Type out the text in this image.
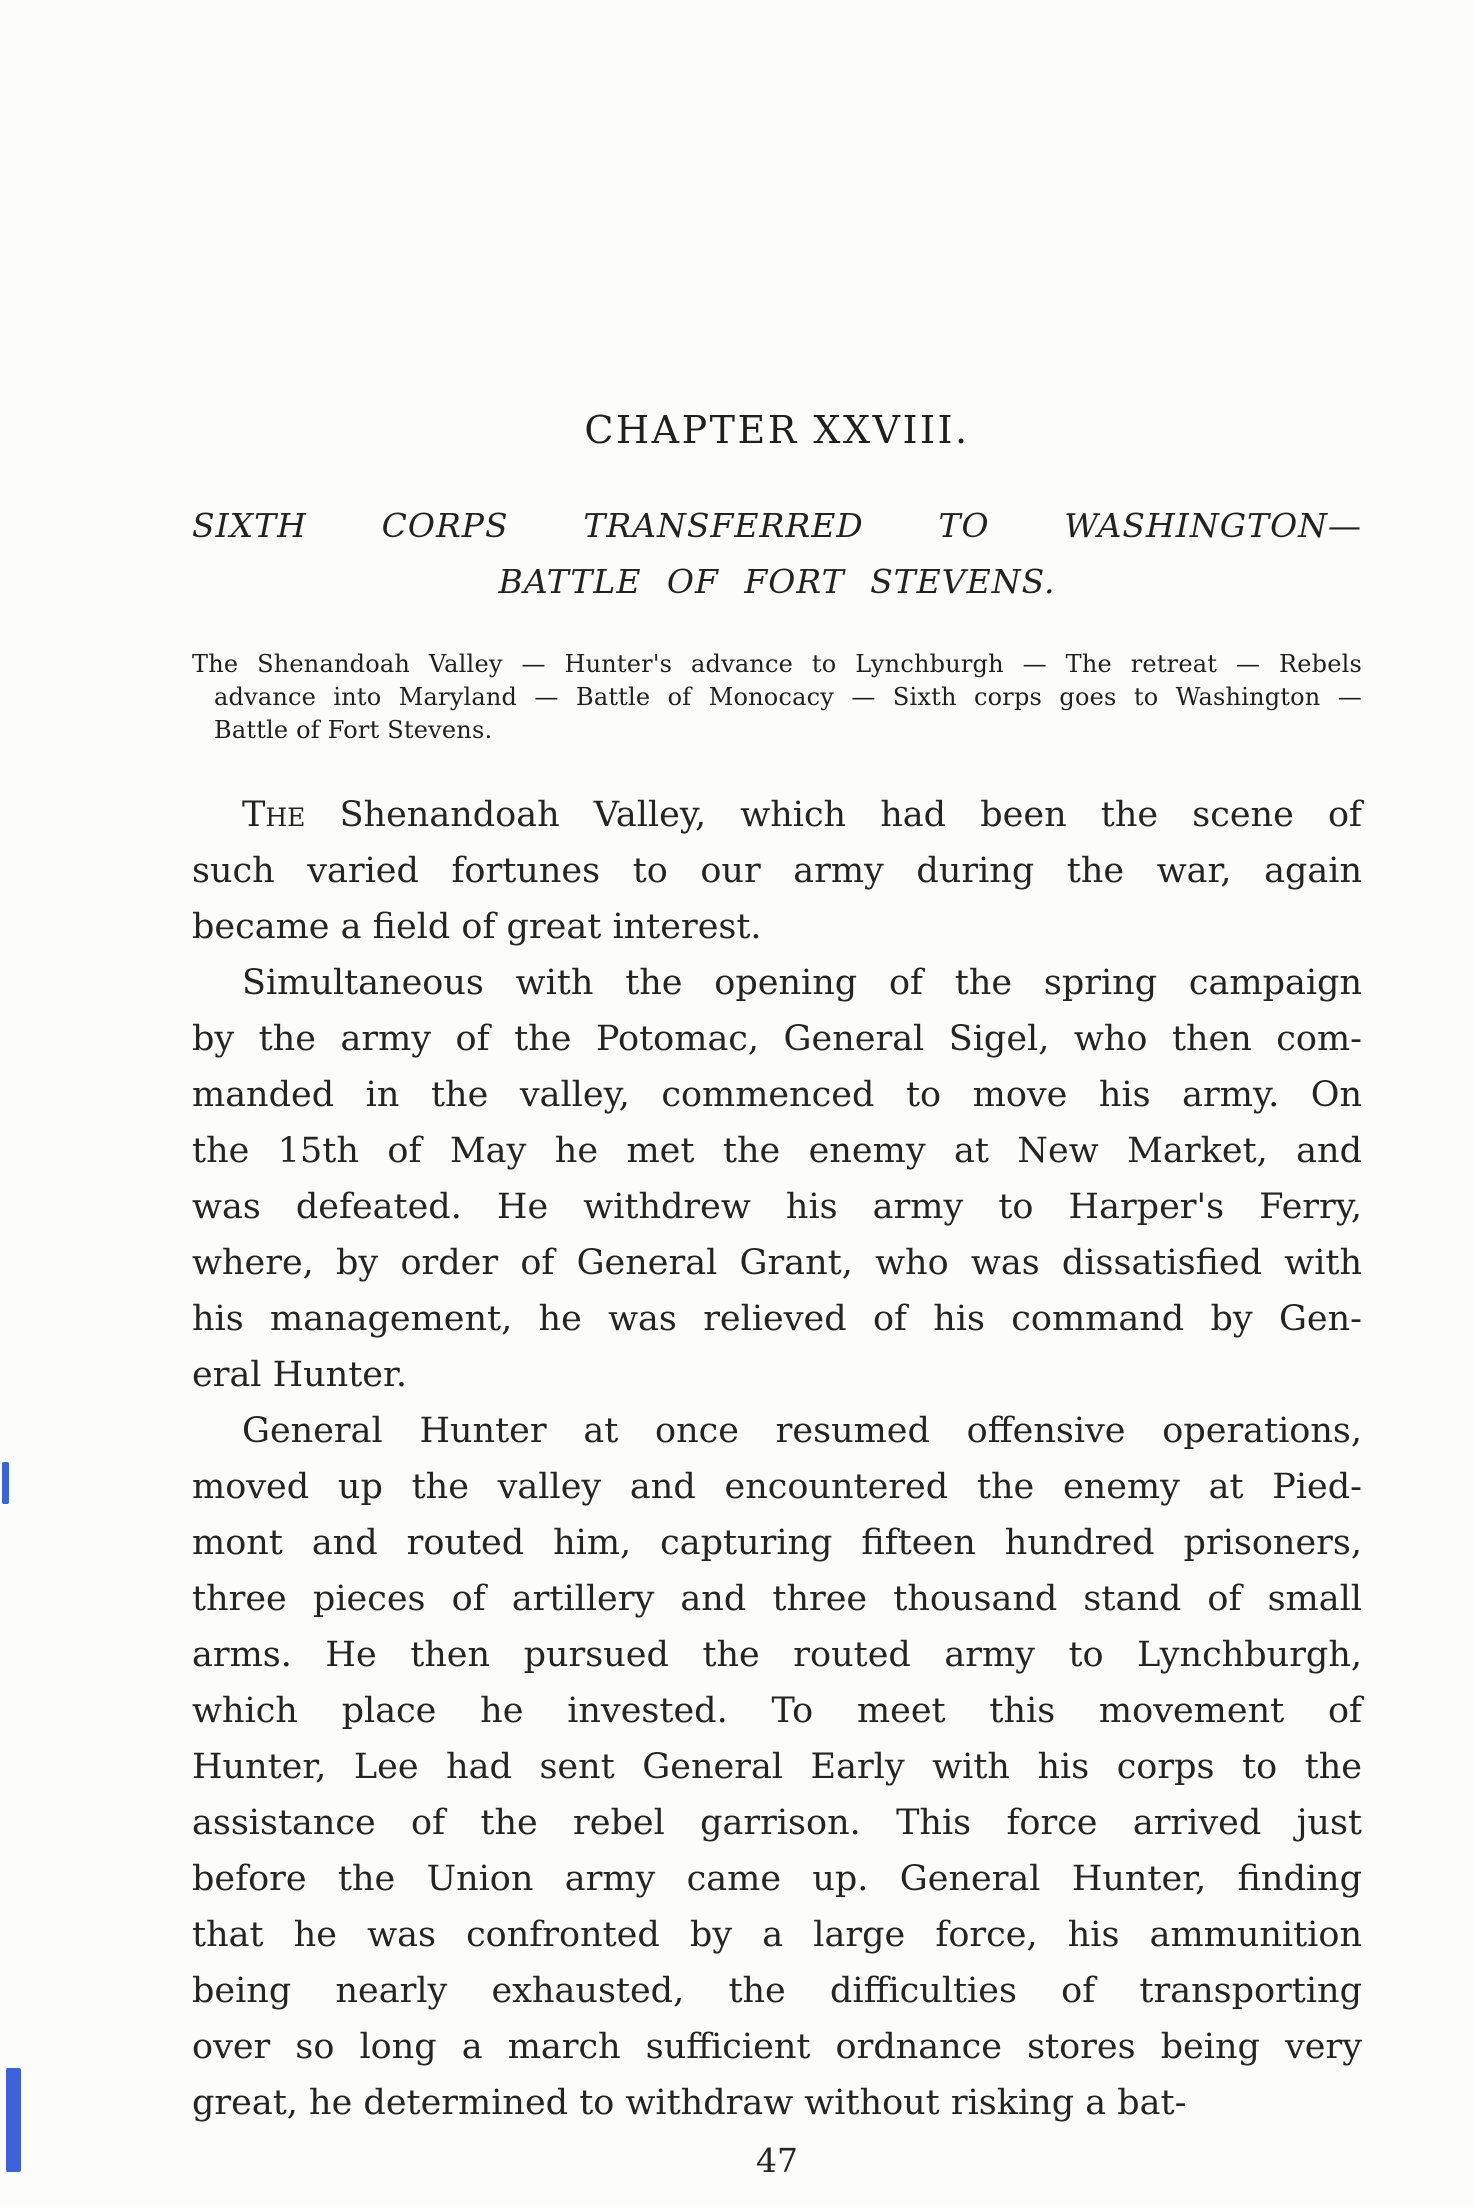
CHAPTER XXVIII.
SIXTH CORPS TRANSFERRED TO WASHINGTON—
BATTLE OF FORT STEVENS.
The Shenandoah Valley — Hunter's advance to Lynchburgh — The retreat — Rebels
advance into Maryland — Battle of Monocacy — Sixth corps goes to Washington —
Battle of Fort Stevens.
The Shenandoah Valley, which had been the scene of
such varied fortunes to our army during the war, again
became a field of great interest.
Simultaneous with the opening of the spring campaign
by the army of the Potomac, General Sigel, who then com-
manded in the valley, commenced to move his army. On
the 15th of May he met the enemy at New Market, and
was defeated. He withdrew his army to Harper's Ferry,
where, by order of General Grant, who was dissatisfied with
his management, he was relieved of his command by Gen-
eral Hunter.
General Hunter at once resumed offensive operations,
moved up the valley and encountered the enemy at Pied-
mont and routed him, capturing fifteen hundred prisoners,
three pieces of artillery and three thousand stand of small
arms. He then pursued the routed army to Lynchburgh,
which place he invested. To meet this movement of
Hunter, Lee had sent General Early with his corps to the
assistance of the rebel garrison. This force arrived just
before the Union army came up. General Hunter, finding
that he was confronted by a large force, his ammunition
being nearly exhausted, the difficulties of transporting
over so long a march sufficient ordnance stores being very
great, he determined to withdraw without risking a bat-
47
